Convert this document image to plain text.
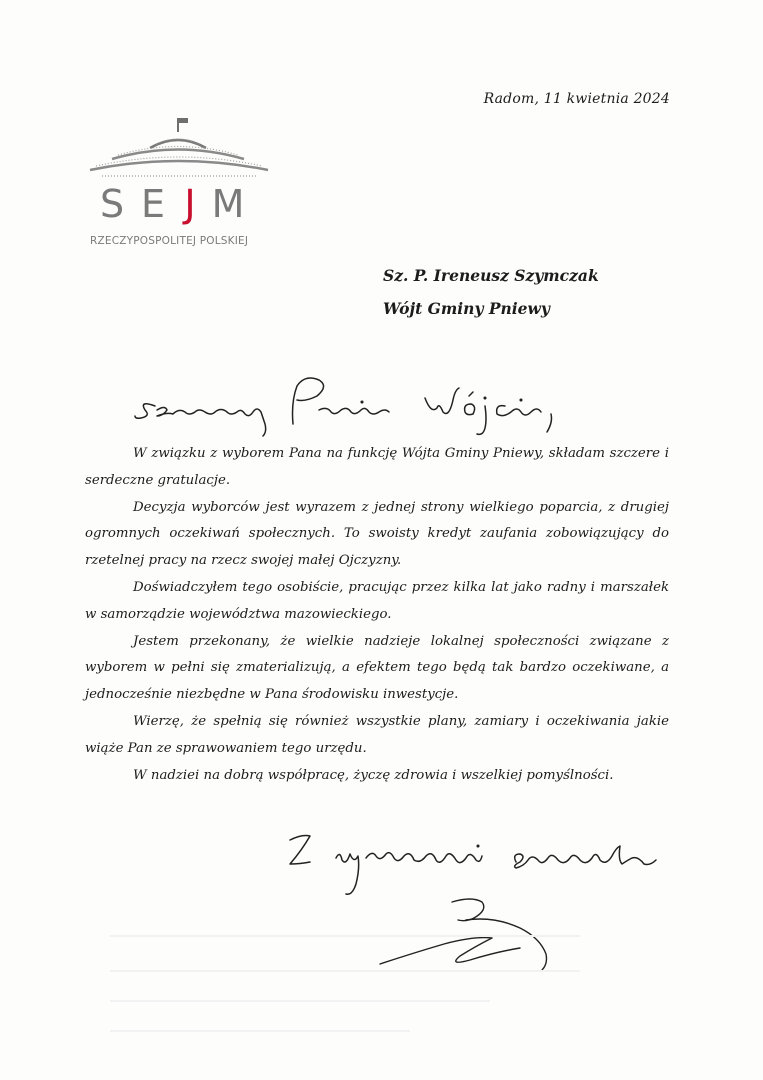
Radom, 11 kwietnia 2024
S E J M
RZECZYPOSPOLITEJ POLSKIEJ
Sz. P. Ireneusz Szymczak
Wójt Gminy Pniewy

W związku z wyborem Pana na funkcję Wójta Gminy Pniewy, składam szczere i serdeczne gratulacje.

Decyzja wyborców jest wyrazem z jednej strony wielkiego poparcia, z drugiej ogromnych oczekiwań społecznych. To swoisty kredyt zaufania zobowiązujący do rzetelnej pracy na rzecz swojej małej Ojczyzny.

Doświadczyłem tego osobiście, pracując przez kilka lat jako radny i marszałek w samorządzie województwa mazowieckiego.

Jestem przekonany, że wielkie nadzieje lokalnej społeczności związane z wyborem w pełni się zmaterializują, a efektem tego będą tak bardzo oczekiwane, a jednocześnie niezbędne w Pana środowisku inwestycje.

Wierzę, że spełnią się również wszystkie plany, zamiary i oczekiwania jakie wiąże Pan ze sprawowaniem tego urzędu.

W nadziei na dobrą współpracę, życzę zdrowia i wszelkiej pomyślności.
